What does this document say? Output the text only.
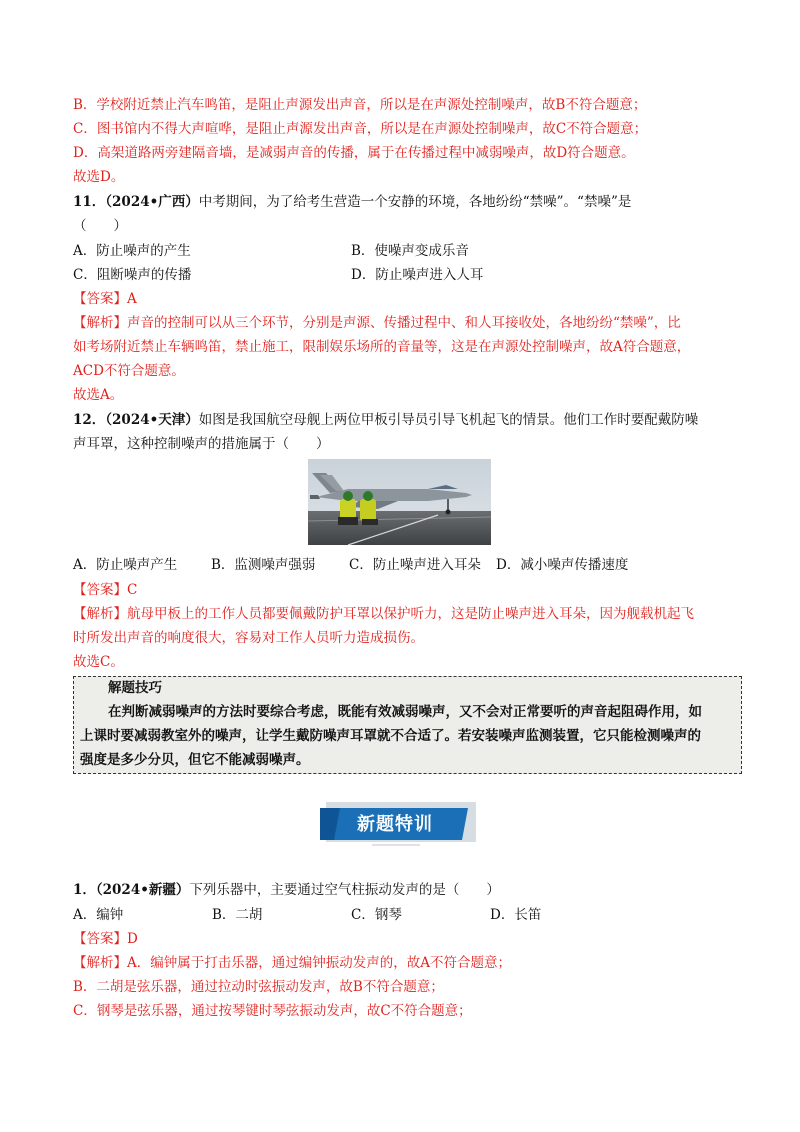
B．学校附近禁止汽车鸣笛，是阻止声源发出声音，所以是在声源处控制噪声，故B不符合题意；
C．图书馆内不得大声喧哗，是阻止声源发出声音，所以是在声源处控制噪声，故C不符合题意；
D．高架道路两旁建隔音墙，是减弱声音的传播，属于在传播过程中减弱噪声，故D符合题意。
故选D。
11．（2024•广西）中考期间，为了给考生营造一个安静的环境，各地纷纷“禁噪”。“禁噪”是
（　　）
A．防止噪声的产生	B．使噪声变成乐音
C．阻断噪声的传播	D．防止噪声进入人耳
【答案】A
【解析】声音的控制可以从三个环节，分别是声源、传播过程中、和人耳接收处，各地纷纷“禁噪”，比
如考场附近禁止车辆鸣笛，禁止施工，限制娱乐场所的音量等，这是在声源处控制噪声，故A符合题意，
ACD不符合题意。
故选A。
12．（2024•天津）如图是我国航空母舰上两位甲板引导员引导飞机起飞的情景。他们工作时要配戴防噪
声耳罩，这种控制噪声的措施属于（　　）
A．防止噪声产生	B．监测噪声强弱 C．防止噪声进入耳朵 D．减小噪声传播速度
【答案】C
【解析】航母甲板上的工作人员都要佩戴防护耳罩以保护听力，这是防止噪声进入耳朵，因为舰载机起飞
时所发出声音的响度很大，容易对工作人员听力造成损伤。
故选C。
解题技巧
在判断减弱噪声的方法时要综合考虑，既能有效减弱噪声，又不会对正常要听的声音起阻碍作用，如
上课时要减弱教室外的噪声，让学生戴防噪声耳罩就不合适了。若安装噪声监测装置，它只能检测噪声的
强度是多少分贝，但它不能减弱噪声。
新题特训
1．（2024•新疆）下列乐器中，主要通过空气柱振动发声的是（　　）
A．编钟	B．二胡	C．钢琴	D．长笛
【答案】D
【解析】A．编钟属于打击乐器，通过编钟振动发声的，故A不符合题意；
B．二胡是弦乐器，通过拉动时弦振动发声，故B不符合题意；
C．钢琴是弦乐器，通过按琴键时琴弦振动发声，故C不符合题意；
